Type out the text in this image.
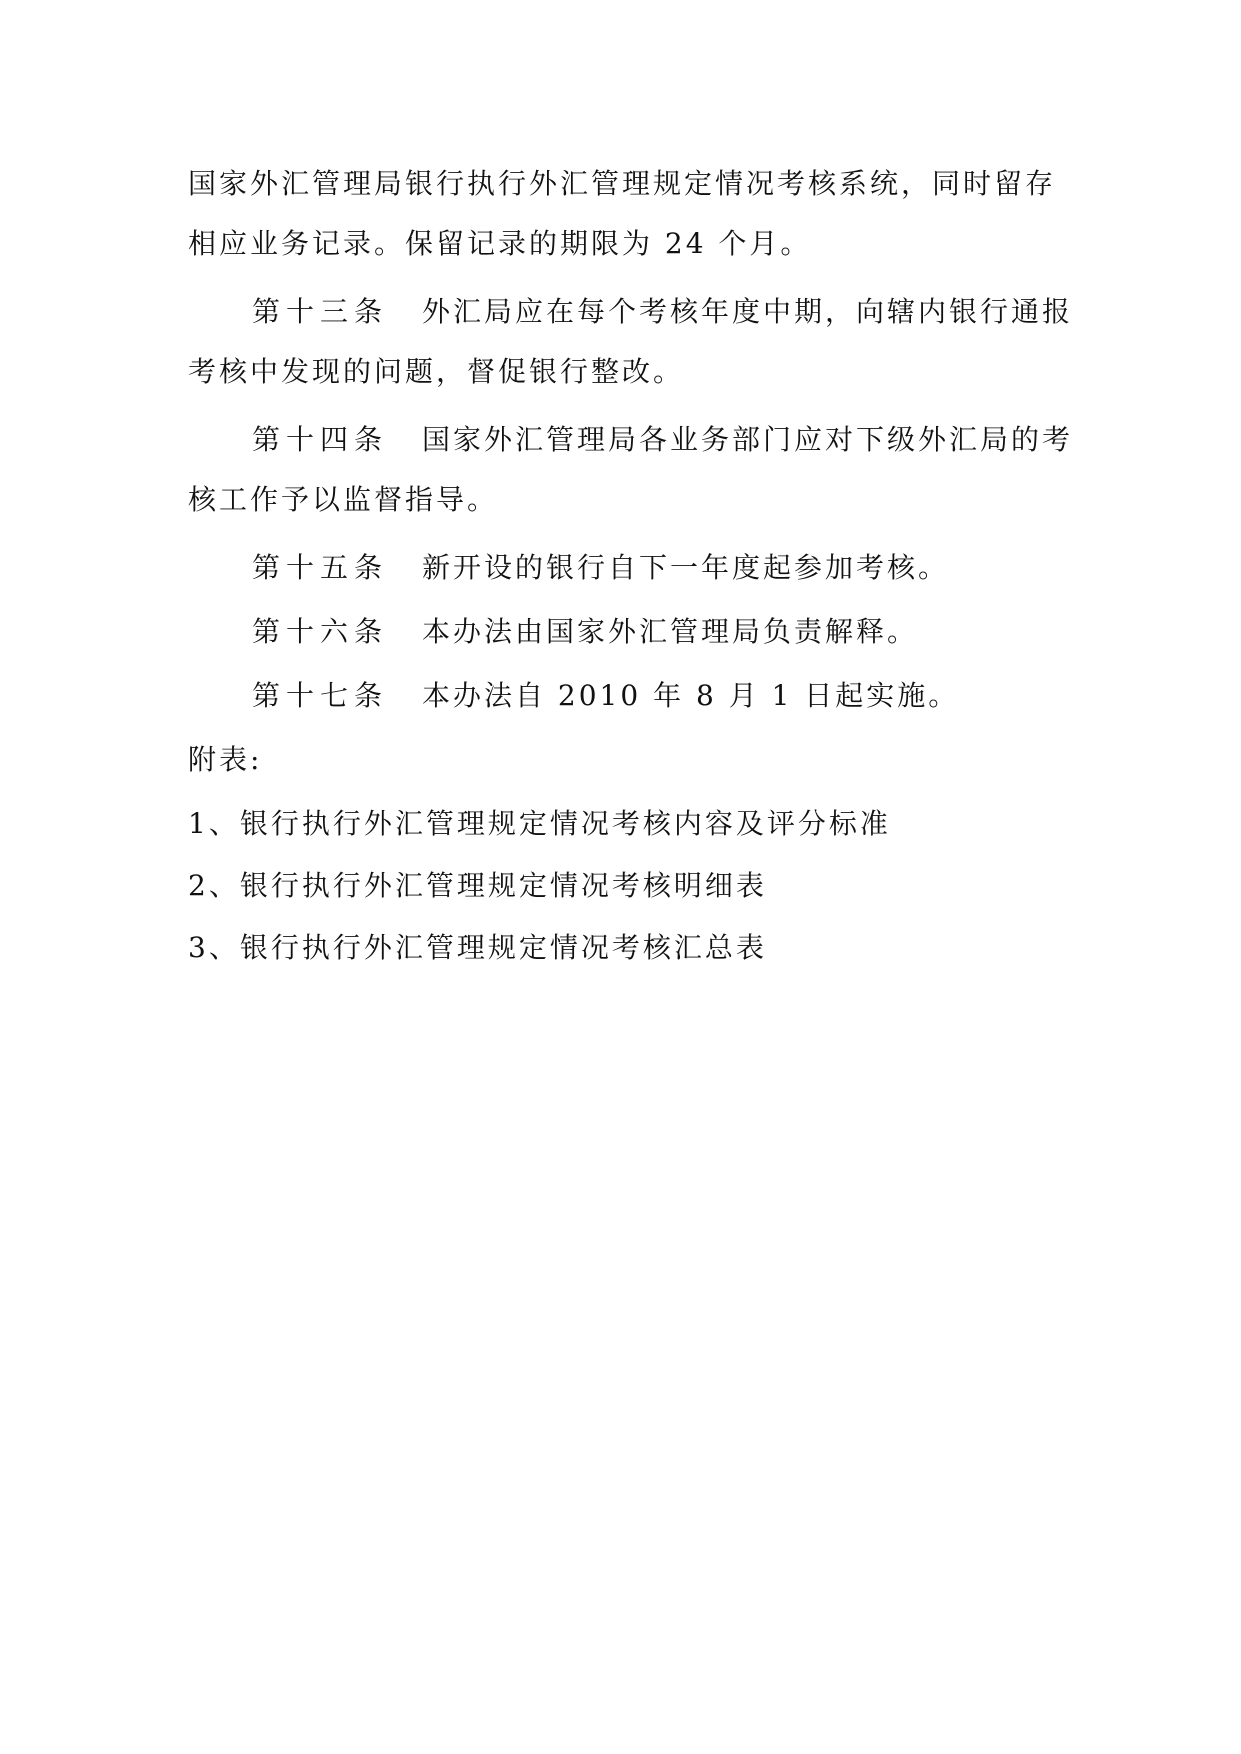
国家外汇管理局银行执行外汇管理规定情况考核系统，同时留存
相应业务记录。保留记录的期限为 24 个月。
第十三条 外汇局应在每个考核年度中期，向辖内银行通报
考核中发现的问题，督促银行整改。
第十四条 国家外汇管理局各业务部门应对下级外汇局的考
核工作予以监督指导。
第十五条 新开设的银行自下一年度起参加考核。
第十六条 本办法由国家外汇管理局负责解释。
第十七条 本办法自 2010 年 8 月 1 日起实施。
附表:
1、银行执行外汇管理规定情况考核内容及评分标准
2、银行执行外汇管理规定情况考核明细表
3、银行执行外汇管理规定情况考核汇总表
